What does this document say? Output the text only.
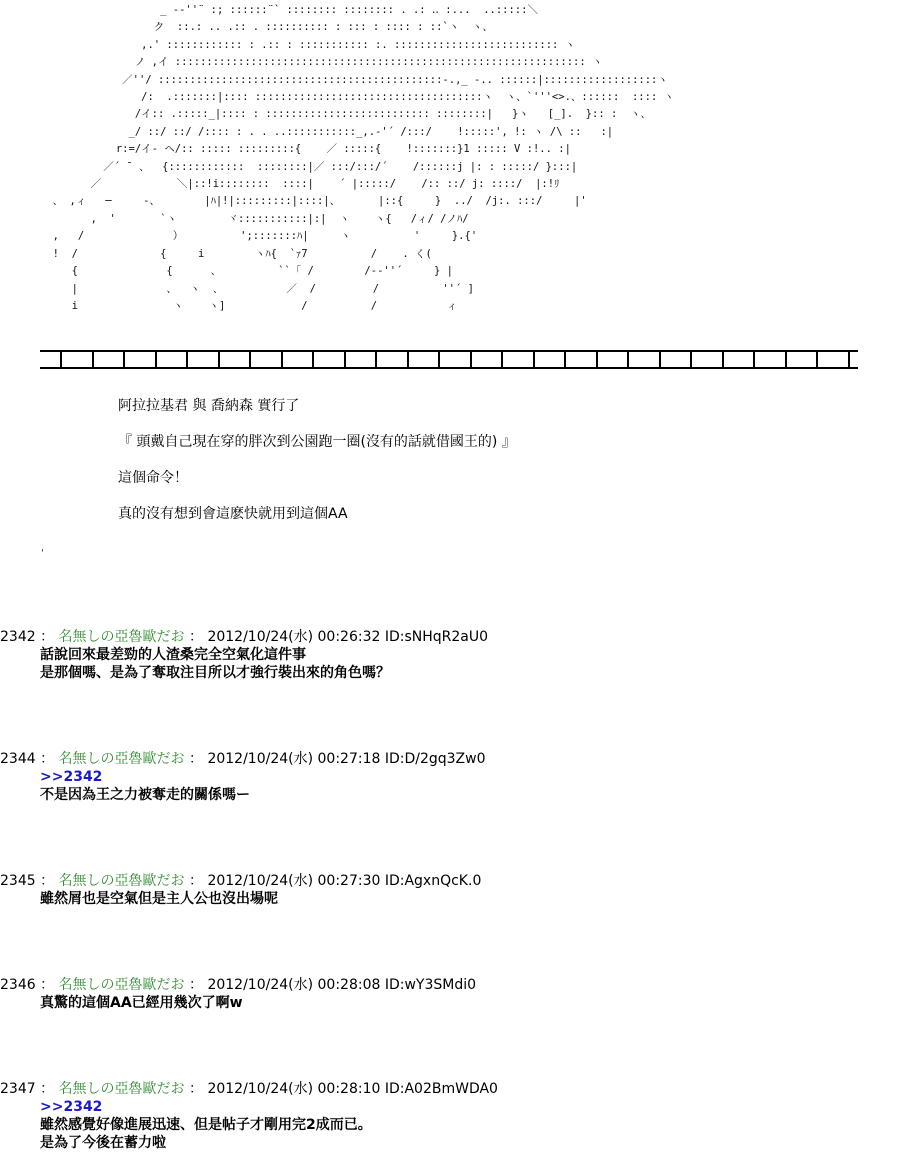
_ -‐''¨ :; ::::::¨` :::::::: :::::::: . .: ‥ :...  ..:::::＼
ク  ::.: .. .:: . :::::::::: : ::: : :::: : ::`ヽ  ヽ、
,.' :::::::::::: : .:: : ::::::::::: :. :::::::::::::::::::::::::: ヽ
ノ ,イ ::::::::::::::::::::::::::::::::::::::::::::::::::::::::::::::::: ヽ
／''/ :::::::::::::::::::::::::::::::::::::::::::::-.,_ -.. ::::::|::::::::::::::::::ヽ
/:  .:::::::|:::: ::::::::::::::::::::::::::::::::::::ヽ  ヽ、`'''<>.、::::::  :::: ヽ
/イ:: .:::::_|:::: : :::::::::::::::::::::::::: ::::::::|   }ヽ   [_].  }:: :  ヽ、
_/ ::/ ::/ /:::: : . . ..:::::::::::_,.-'´ /:::/    !:::::', !: ヽ /\ ::   :|
r:=/イ- ヘ/:: ::::: :::::::::{    ／ :::::{    !:::::::}1 ::::: V :!.. :|
／´ ¯ 、  {::::::::::::  ::::::::|／ :::/:::/´    /::::::j |: : :::::/ }:::|
／            ＼|::!i::::::::  ::::|    ´ |:::::/    /:: ::/ j: ::::/  |:!ﾘ
、 ,ィ   ─     -、       |ﾊ|!|:::::::::|::::|、      |::{     }  ../  /j:. :::/     |'
,  '       `ヽ        ヾ:::::::::::|:|  ヽ    ヽ{   /ィ/ /ノﾊ/
,   /              ）         ';:::::::ﾊ|     ヽ          '     }.{'
!  /             {     i        ヽﾊ{  `ｧ7          /    . く(
{              {      、         ``「 /        /-‐''´     } |
|              、  ヽ  、          ／  /         /          ''´ ]
i               ヽ    ヽ]            /          /           ィ
阿拉拉基君 與 喬納森 實行了
『 頭戴自己現在穿的胖次到公園跑一圈(沒有的話就借國王的) 』
這個命令！
真的沒有想到會這麽快就用到這個AA
'
2342 ： 名無しの亞魯歐だお ： 2012/10/24(水) 00:26:32 ID:sNHqR2aU0
話說回來最差勁的人渣桑完全空氣化這件事
是那個嗎、是為了奪取注目所以才強行裝出來的角色嗎？
2344 ： 名無しの亞魯歐だお ： 2012/10/24(水) 00:27:18 ID:D/2gq3Zw0
>>2342
不是因為王之力被奪走的關係嗎ー
2345 ： 名無しの亞魯歐だお ： 2012/10/24(水) 00:27:30 ID:AgxnQcK.0
雖然屑也是空氣但是主人公也沒出場呢
2346 ： 名無しの亞魯歐だお ： 2012/10/24(水) 00:28:08 ID:wY3SMdi0
真驚的這個AA已經用幾次了啊w
2347 ： 名無しの亞魯歐だお ： 2012/10/24(水) 00:28:10 ID:A02BmWDA0
>>2342
雖然感覺好像進展迅速、但是帖子才剛用完2成而已。
是為了今後在蓄力啦
